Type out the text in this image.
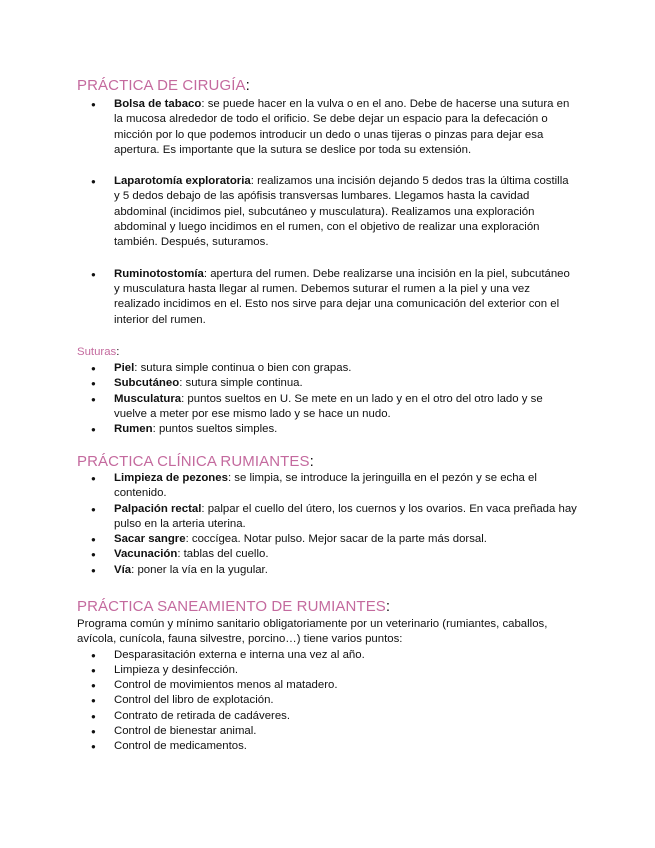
PRÁCTICA DE CIRUGÍA:
● Bolsa de tabaco: se puede hacer en la vulva o en el ano. Debe de hacerse una sutura en la mucosa alrededor de todo el orificio. Se debe dejar un espacio para la defecación o micción por lo que podemos introducir un dedo o unas tijeras o pinzas para dejar esa apertura. Es importante que la sutura se deslice por toda su extensión.
● Laparotomía exploratoria: realizamos una incisión dejando 5 dedos tras la última costilla y 5 dedos debajo de las apófisis transversas lumbares. Llegamos hasta la cavidad abdominal (incidimos piel, subcutáneo y musculatura). Realizamos una exploración abdominal y luego incidimos en el rumen, con el objetivo de realizar una exploración también. Después, suturamos.
● Ruminotostomía: apertura del rumen. Debe realizarse una incisión en la piel, subcutáneo y musculatura hasta llegar al rumen. Debemos suturar el rumen a la piel y una vez realizado incidimos en el. Esto nos sirve para dejar una comunicación del exterior con el interior del rumen.
Suturas:
● Piel: sutura simple continua o bien con grapas.
● Subcutáneo: sutura simple continua.
● Musculatura: puntos sueltos en U. Se mete en un lado y en el otro del otro lado y se vuelve a meter por ese mismo lado y se hace un nudo.
● Rumen: puntos sueltos simples.
PRÁCTICA CLÍNICA RUMIANTES:
● Limpieza de pezones: se limpia, se introduce la jeringuilla en el pezón y se echa el contenido.
● Palpación rectal: palpar el cuello del útero, los cuernos y los ovarios. En vaca preñada hay pulso en la arteria uterina.
● Sacar sangre: coccígea. Notar pulso. Mejor sacar de la parte más dorsal.
● Vacunación: tablas del cuello.
● Vía: poner la vía en la yugular.
PRÁCTICA SANEAMIENTO DE RUMIANTES:
Programa común y mínimo sanitario obligatoriamente por un veterinario (rumiantes, caballos, avícola, cunícola, fauna silvestre, porcino…) tiene varios puntos:
● Desparasitación externa e interna una vez al año.
● Limpieza y desinfección.
● Control de movimientos menos al matadero.
● Control del libro de explotación.
● Contrato de retirada de cadáveres.
● Control de bienestar animal.
● Control de medicamentos.
